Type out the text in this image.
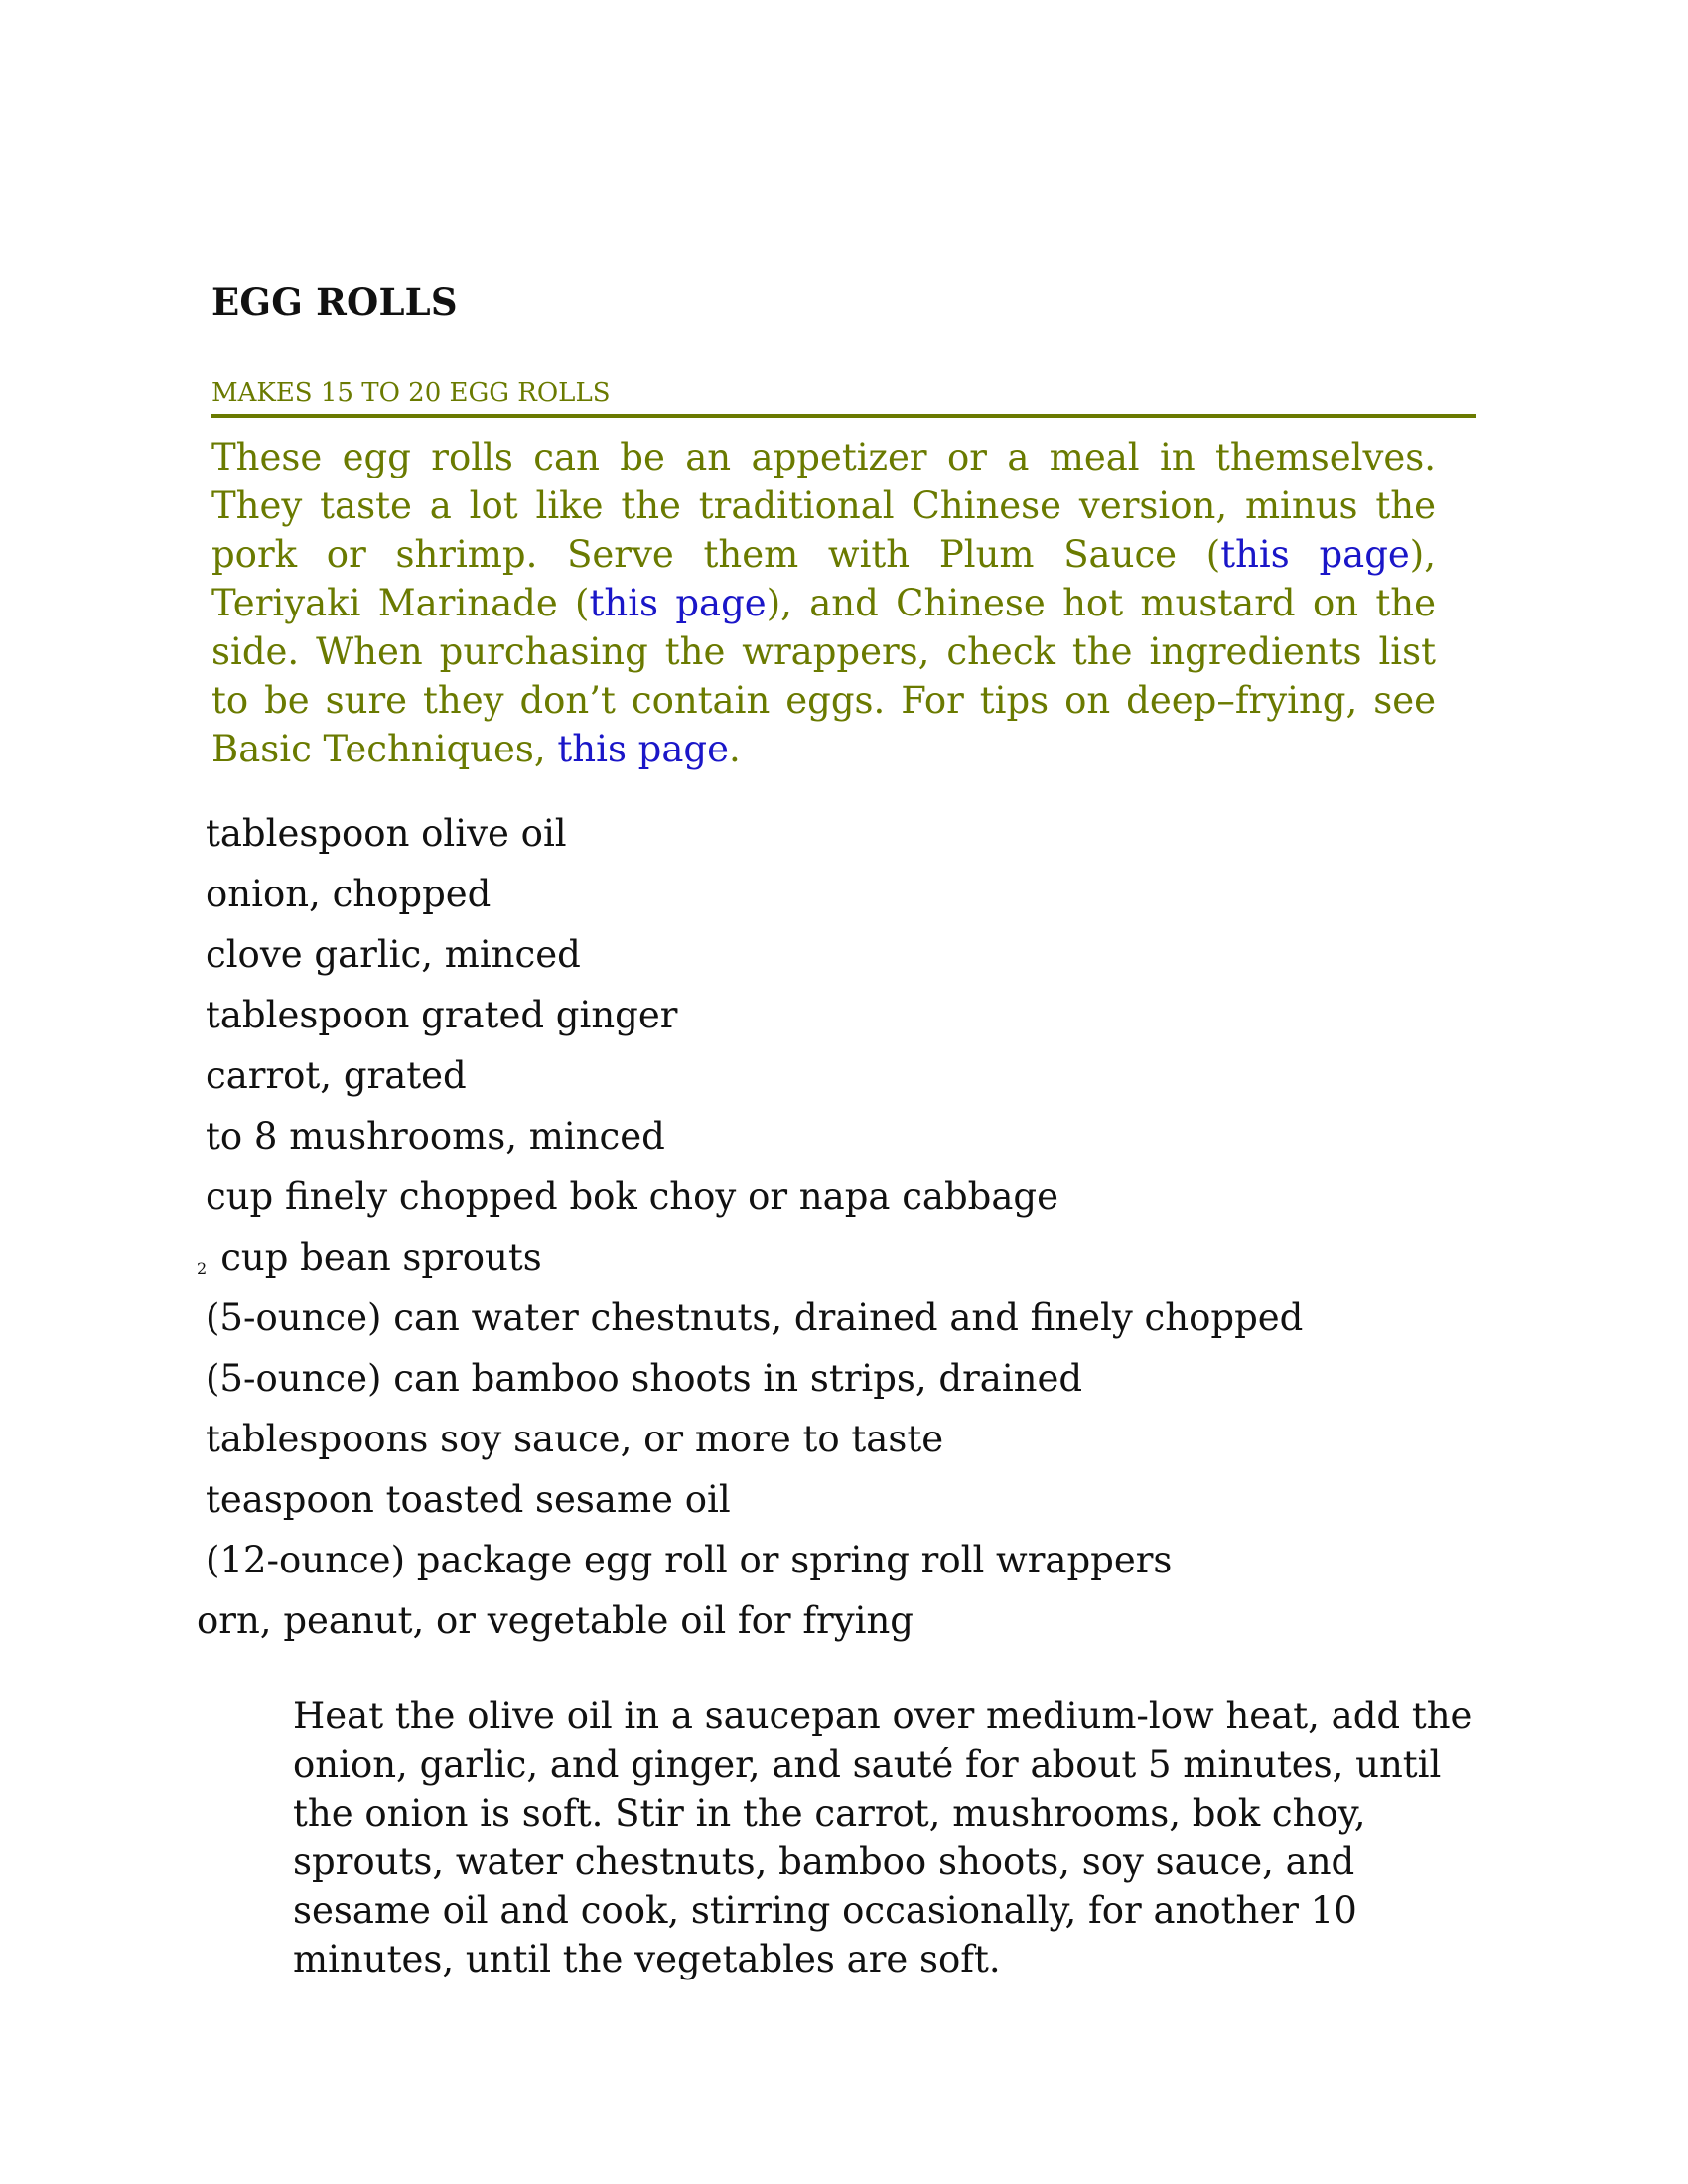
EGG ROLLS
MAKES 15 TO 20 EGG ROLLS
These egg rolls can be an appetizer or a meal in themselves. They taste a lot like the traditional Chinese version, minus the pork or shrimp. Serve them with Plum Sauce (this page), Teriyaki Marinade (this page), and Chinese hot mustard on the side. When purchasing the wrappers, check the ingredients list to be sure they don’t contain eggs. For tips on deep–frying, see Basic Techniques, this page.
tablespoon olive oil
onion, chopped
clove garlic, minced
tablespoon grated ginger
carrot, grated
to 8 mushrooms, minced
cup finely chopped bok choy or napa cabbage
2 cup bean sprouts
(5-ounce) can water chestnuts, drained and finely chopped
(5-ounce) can bamboo shoots in strips, drained
tablespoons soy sauce, or more to taste
teaspoon toasted sesame oil
(12-ounce) package egg roll or spring roll wrappers
orn, peanut, or vegetable oil for frying
Heat the olive oil in a saucepan over medium-low heat, add the onion, garlic, and ginger, and sauté for about 5 minutes, until the onion is soft. Stir in the carrot, mushrooms, bok choy, sprouts, water chestnuts, bamboo shoots, soy sauce, and sesame oil and cook, stirring occasionally, for another 10 minutes, until the vegetables are soft.
